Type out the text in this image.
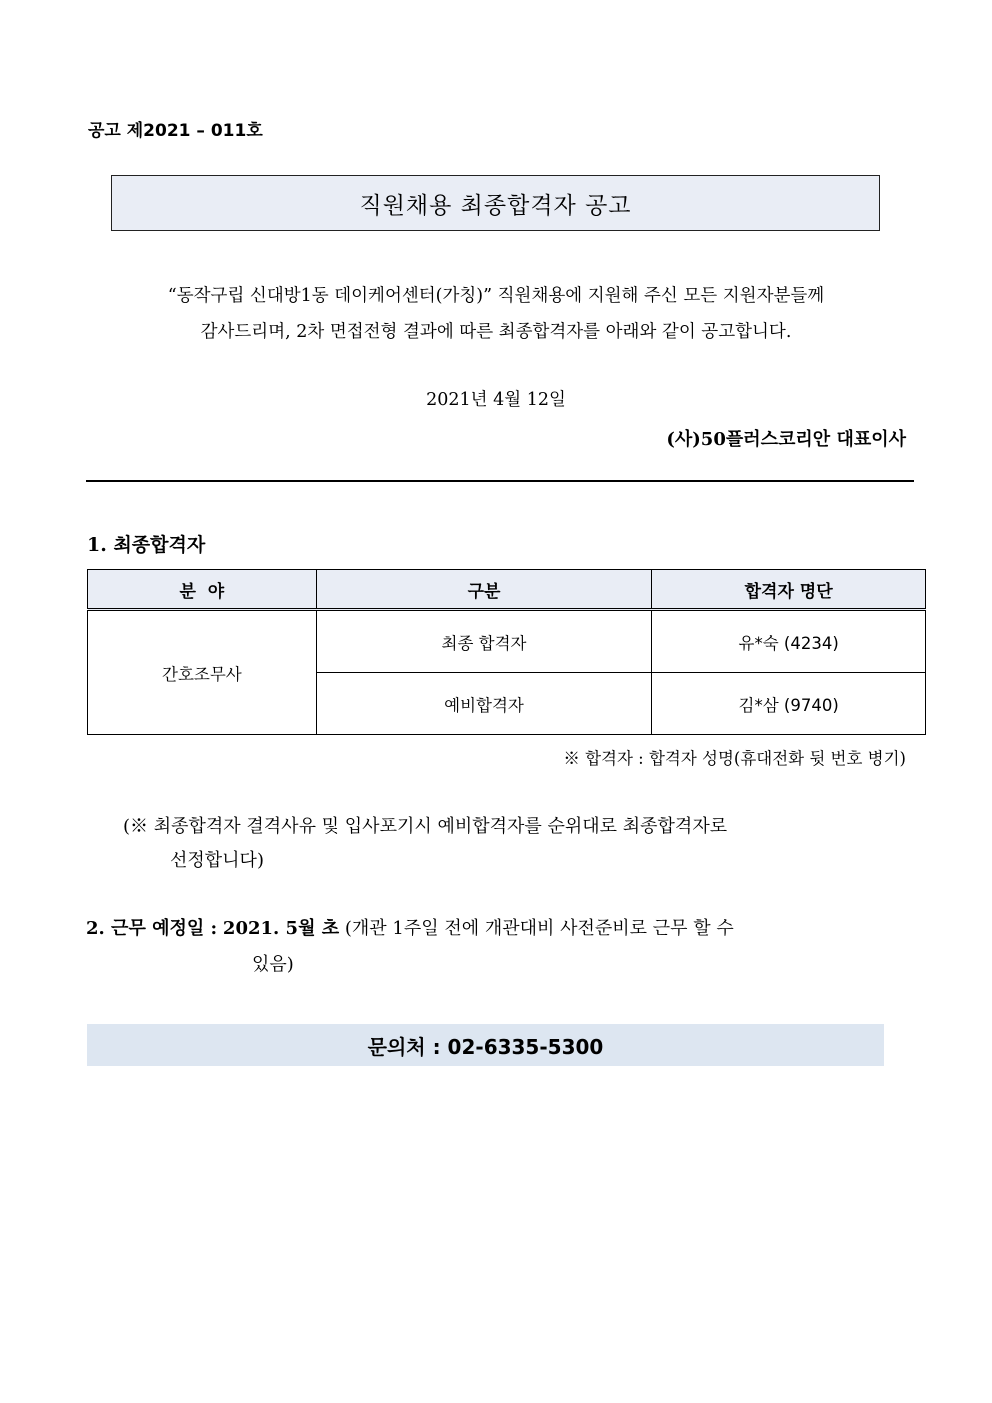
공고 제2021 – 011호
직원채용 최종합격자 공고
“동작구립 신대방1동 데이케어센터(가칭)” 직원채용에 지원해 주신 모든 지원자분들께
감사드리며, 2차 면접전형 결과에 따른 최종합격자를 아래와 같이 공고합니다.
2021년 4월 12일
(사)50플러스코리안 대표이사
1. 최종합격자
분  야	구분	합격자 명단
간호조무사	최종 합격자	유*숙 (4234)
	예비합격자	김*삼 (9740)
※ 합격자 : 합격자 성명(휴대전화 뒷 번호 병기)
(※ 최종합격자 결격사유 및 입사포기시 예비합격자를 순위대로 최종합격자로
선정합니다)
2. 근무 예정일 : 2021. 5월 초 (개관 1주일 전에 개관대비 사전준비로 근무 할 수
있음)
문의처 : 02-6335-5300
